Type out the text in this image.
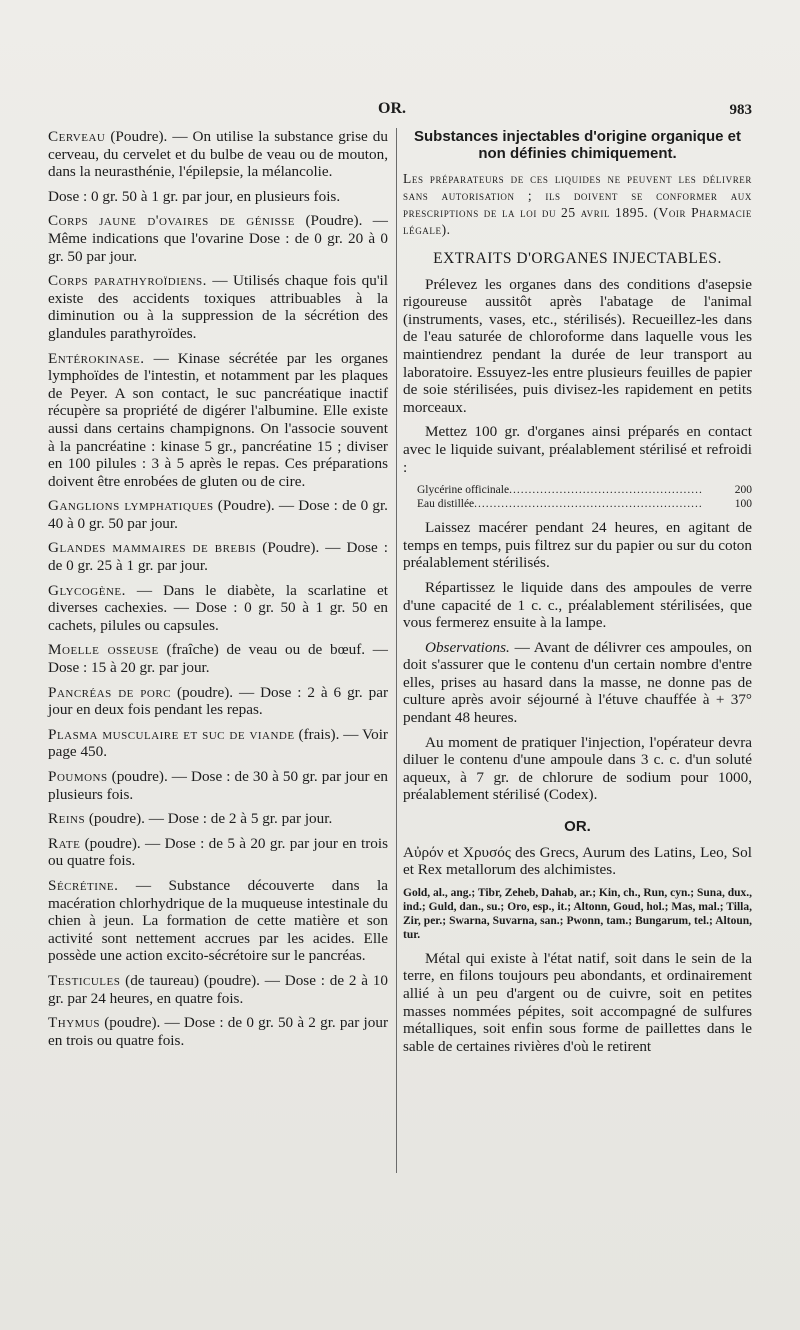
OR.	983

Cerveau (Poudre). — On utilise la substance grise du cerveau, du cervelet et du bulbe de veau ou de mouton, dans la neurasthénie, l'épilepsie, la mélancolie.

Dose : 0 gr. 50 à 1 gr. par jour, en plusieurs fois.

Corps jaune d'ovaires de génisse (Poudre). — Même indications que l'ovarine Dose : de 0 gr. 20 à 0 gr. 50 par jour.

Corps parathyroïdiens. — Utilisés chaque fois qu'il existe des accidents toxiques attribuables à la diminution ou à la suppression de la sécrétion des glandules parathyroïdes.

Entérokinase. — Kinase sécrétée par les organes lymphoïdes de l'intestin, et notamment par les plaques de Peyer. A son contact, le suc pancréatique inactif récupère sa propriété de digérer l'albumine. Elle existe aussi dans certains champignons. On l'associe souvent à la pancréatine : kinase 5 gr., pancréatine 15 ; diviser en 100 pilules : 3 à 5 après le repas. Ces préparations doivent être enrobées de gluten ou de cire.

Ganglions lymphatiques (Poudre). — Dose : de 0 gr. 40 à 0 gr. 50 par jour.

Glandes mammaires de brebis (Poudre). — Dose : de 0 gr. 25 à 1 gr. par jour.

Glycogène. — Dans le diabète, la scarlatine et diverses cachexies. — Dose : 0 gr. 50 à 1 gr. 50 en cachets, pilules ou capsules.

Moelle osseuse (fraîche) de veau ou de bœuf. — Dose : 15 à 20 gr. par jour.

Pancréas de porc (poudre). — Dose : 2 à 6 gr. par jour en deux fois pendant les repas.

Plasma musculaire et suc de viande (frais). — Voir page 450.

Poumons (poudre). — Dose : de 30 à 50 gr. par jour en plusieurs fois.

Reins (poudre). — Dose : de 2 à 5 gr. par jour.

Rate (poudre). — Dose : de 5 à 20 gr. par jour en trois ou quatre fois.

Sécrétine. — Substance découverte dans la macération chlorhydrique de la muqueuse intestinale du chien à jeun. La formation de cette matière et son activité sont nettement accrues par les acides. Elle possède une action excito-sécrétoire sur le pancréas.

Testicules (de taureau) (poudre). — Dose : de 2 à 10 gr. par 24 heures, en quatre fois.

Thymus (poudre). — Dose : de 0 gr. 50 à 2 gr. par jour en trois ou quatre fois.

Substances injectables d'origine organique et non définies chimiquement.
Les préparateurs de ces liquides ne peuvent les délivrer sans autorisation ; ils doivent se conformer aux prescriptions de la loi du 25 avril 1895. (Voir Pharmacie légale).
EXTRAITS D'ORGANES INJECTABLES.

Prélevez les organes dans des conditions d'asepsie rigoureuse aussitôt après l'abatage de l'animal (instruments, vases, etc., stérilisés). Recueillez-les dans de l'eau saturée de chloroforme dans laquelle vous les maintiendrez pendant la durée de leur transport au laboratoire. Essuyez-les entre plusieurs feuilles de papier de soie stérilisées, puis divisez-les rapidement en petits morceaux.

Mettez 100 gr. d'organes ainsi préparés en contact avec le liquide suivant, préalablement stérilisé et refroidi :

Glycérine officinale .....	200
Eau distillée .....	100

Laissez macérer pendant 24 heures, en agitant de temps en temps, puis filtrez sur du papier ou sur du coton préalablement stérilisés.

Répartissez le liquide dans des ampoules de verre d'une capacité de 1 c. c., préalablement stérilisées, que vous fermerez ensuite à la lampe.

Observations. — Avant de délivrer ces ampoules, on doit s'assurer que le contenu d'un certain nombre d'entre elles, prises au hasard dans la masse, ne donne pas de culture après avoir séjourné à l'étuve chauffée à + 37° pendant 48 heures.

Au moment de pratiquer l'injection, l'opérateur devra diluer le contenu d'une ampoule dans 3 c. c. d'un soluté aqueux, à 7 gr. de chlorure de sodium pour 1000, préalablement stérilisé (Codex).

OR.

Αὐρόν et Χρυσός des Grecs, Aurum des Latins, Leo, Sol et Rex metallorum des alchimistes.

Gold, al., ang.; Tibr, Zeheb, Dahab, ar.; Kin, ch., Run, cyn.; Suna, dux., ind.; Guld, dan., su.; Oro, esp., it.; Altonn, Goud, hol.; Mas, mal.; Tilla, Zir, per.; Swarna, Suvarna, san.; Pwonn, tam.; Bungarum, tel.; Altoun, tur.

Métal qui existe à l'état natif, soit dans le sein de la terre, en filons toujours peu abondants, et ordinairement allié à un peu d'argent ou de cuivre, soit en petites masses nommées pépites, soit accompagné de sulfures métalliques, soit enfin sous forme de paillettes dans le sable de certaines rivières d'où le retirent
